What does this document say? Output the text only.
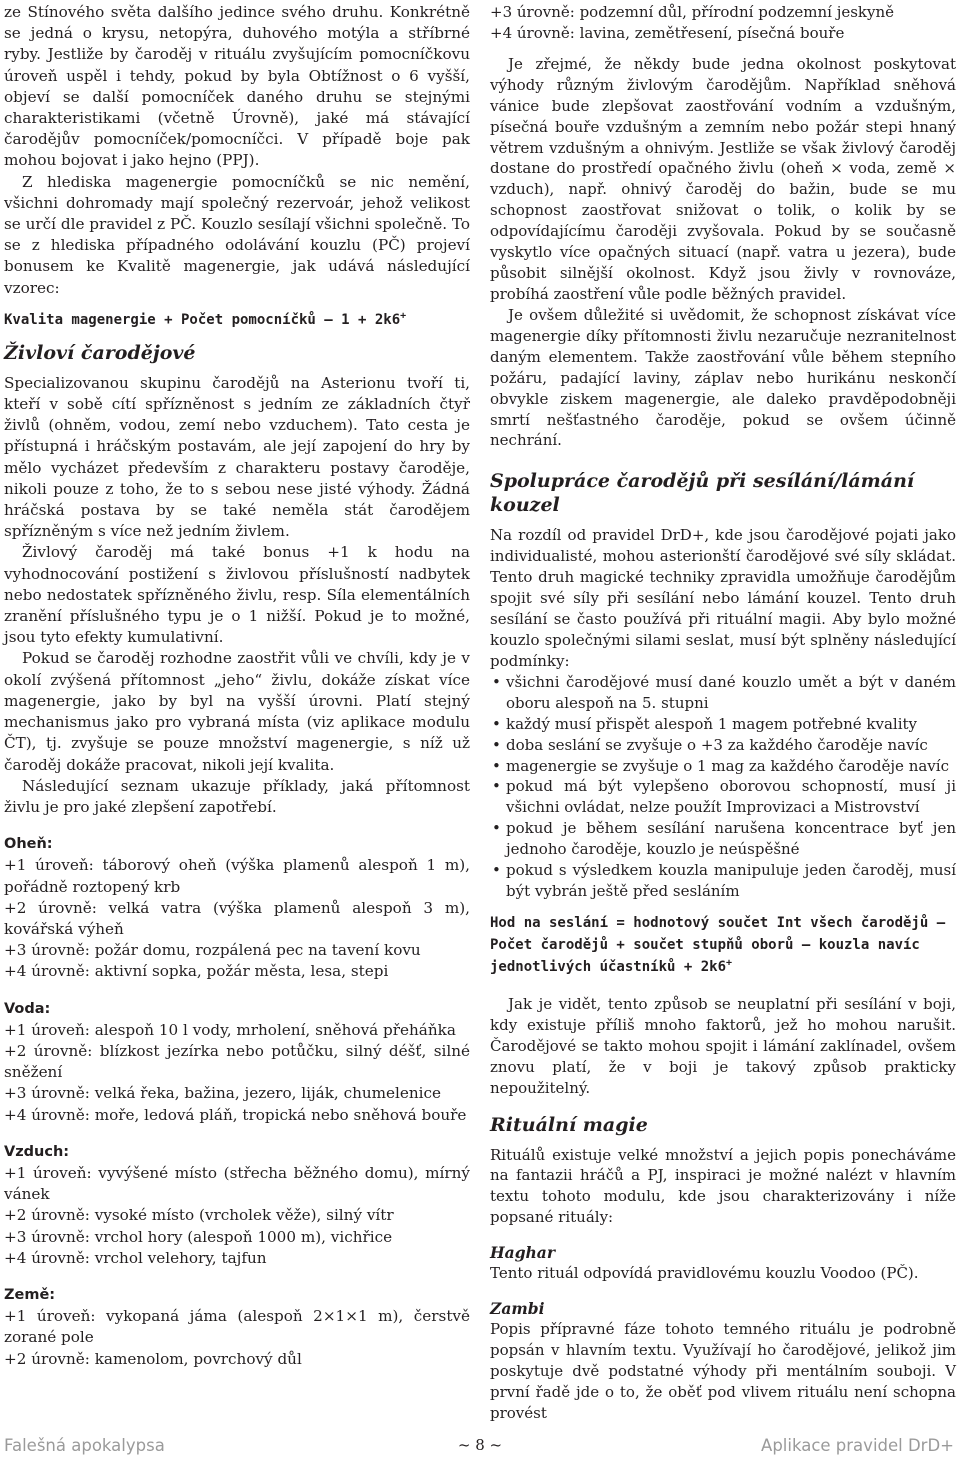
ze Stínového světa dalšího jedince svého druhu. Konkrétně se jedná o krysu, netopýra, duhového motýla a stříbrné ryby. Jestliže by čaroděj v rituálu zvyšujícím pomocníčkovu úroveň uspěl i tehdy, pokud by byla Obtížnost o 6 vyšší, objeví se další pomocníček daného druhu se stejnými charakteristikami (včetně Úrovně), jaké má stávající čarodějův pomocníček/pomocníčci. V případě boje pak mohou bojovat i jako hejno (PPJ).
Z hlediska magenergie pomocníčků se nic nemění, všichni dohromady mají společný rezervoár, jehož velikost se určí dle pravidel z PČ. Kouzlo sesílají všichni společně. To se z hlediska případného odolávání kouzlu (PČ) projeví bonusem ke Kvalitě magenergie, jak udává následující vzorec:
Kvalita magenergie + Počet pomocníčků – 1 + 2k6+
Živloví čarodějové
Specializovanou skupinu čarodějů na Asterionu tvoří ti, kteří v sobě cítí spřízněnost s jedním ze základních čtyř živlů (ohněm, vodou, zemí nebo vzduchem). Tato cesta je přístupná i hráčským postavám, ale její zapojení do hry by mělo vycházet především z charakteru postavy čaroděje, nikoli pouze z toho, že to s sebou nese jisté výhody. Žádná hráčská postava by se také neměla stát čarodějem spřízněným s více než jedním živlem.
Živlový čaroděj má také bonus +1 k hodu na vyhodnocování postižení s živlovou příslušností nadbytek nebo nedostatek spřízněného živlu, resp. Síla elementálních zranění příslušného typu je o 1 nižší. Pokud je to možné, jsou tyto efekty kumulativní.
Pokud se čaroděj rozhodne zaostřit vůli ve chvíli, kdy je v okolí zvýšená přítomnost „jeho“ živlu, dokáže získat více magenergie, jako by byl na vyšší úrovni. Platí stejný mechanismus jako pro vybraná místa (viz aplikace modulu ČT), tj. zvyšuje se pouze množství magenergie, s níž už čaroděj dokáže pracovat, nikoli její kvalita.
Následující seznam ukazuje příklady, jaká přítomnost živlu je pro jaké zlepšení zapotřebí.
Oheň:
+1 úroveň: táborový oheň (výška plamenů alespoň 1 m), pořádně roztopený krb
+2 úrovně: velká vatra (výška plamenů alespoň 3 m), kovářská výheň
+3 úrovně: požár domu, rozpálená pec na tavení kovu
+4 úrovně: aktivní sopka, požár města, lesa, stepi
Voda:
+1 úroveň: alespoň 10 l vody, mrholení, sněhová přeháňka
+2 úrovně: blízkost jezírka nebo potůčku, silný déšť, silné sněžení
+3 úrovně: velká řeka, bažina, jezero, liják, chumelenice
+4 úrovně: moře, ledová pláň, tropická nebo sněhová bouře
Vzduch:
+1 úroveň: vyvýšené místo (střecha běžného domu), mírný vánek
+2 úrovně: vysoké místo (vrcholek věže), silný vítr
+3 úrovně: vrchol hory (alespoň 1000 m), vichřice
+4 úrovně: vrchol velehory, tajfun
Země:
+1 úroveň: vykopaná jáma (alespoň 2×1×1 m), čerstvě zorané pole
+2 úrovně: kamenolom, povrchový důl
+3 úrovně: podzemní důl, přírodní podzemní jeskyně
+4 úrovně: lavina, zemětřesení, písečná bouře
Je zřejmé, že někdy bude jedna okolnost poskytovat výhody různým živlovým čarodějům. Například sněhová vánice bude zlepšovat zaostřování vodním a vzdušným, písečná bouře vzdušným a zemním nebo požár stepi hnaný větrem vzdušným a ohnivým. Jestliže se však živlový čaroděj dostane do prostředí opačného živlu (oheň × voda, země × vzduch), např. ohnivý čaroděj do bažin, bude se mu schopnost zaostřovat snižovat o tolik, o kolik by se odpovídajícímu čaroději zvyšovala. Pokud by se současně vyskytlo více opačných situací (např. vatra u jezera), bude působit silnější okolnost. Když jsou živly v rovnováze, probíhá zaostření vůle podle běžných pravidel.
Je ovšem důležité si uvědomit, že schopnost získávat více magenergie díky přítomnosti živlu nezaručuje nezranitelnost daným elementem. Takže zaostřování vůle během stepního požáru, padající laviny, záplav nebo hurikánu neskončí obvykle ziskem magenergie, ale daleko pravděpodobněji smrtí nešťastného čaroděje, pokud se ovšem účinně nechrání.
Spolupráce čarodějů při sesílání/lámání kouzel
Na rozdíl od pravidel DrD+, kde jsou čarodějové pojati jako individualisté, mohou asterionští čarodějové své síly skládat. Tento druh magické techniky zpravidla umožňuje čarodějům spojit své síly při sesílání nebo lámání kouzel. Tento druh sesílání se často používá při rituální magii. Aby bylo možné kouzlo společnými silami seslat, musí být splněny následující podmínky:
• všichni čarodějové musí dané kouzlo umět a být v daném oboru alespoň na 5. stupni
• každý musí přispět alespoň 1 magem potřebné kvality
• doba seslání se zvyšuje o +3 za každého čaroděje navíc
• magenergie se zvyšuje o 1 mag za každého čaroděje navíc
• pokud má být vylepšeno oborovou schopností, musí ji všichni ovládat, nelze použít Improvizaci a Mistrovství
• pokud je během sesílání narušena koncentrace byť jen jednoho čaroděje, kouzlo je neúspěšné
• pokud s výsledkem kouzla manipuluje jeden čaroděj, musí být vybrán ještě před sesláním
Hod na seslání = hodnotový součet Int všech čarodějů – Počet čarodějů + součet stupňů oborů – kouzla navíc jednotlivých účastníků + 2k6+
Jak je vidět, tento způsob se neuplatní při sesílání v boji, kdy existuje příliš mnoho faktorů, jež ho mohou narušit. Čarodějové se takto mohou spojit i lámání zaklínadel, ovšem znovu platí, že v boji je takový způsob prakticky nepoužitelný.
Rituální magie
Rituálů existuje velké množství a jejich popis ponecháváme na fantazii hráčů a PJ, inspiraci je možné nalézt v hlavním textu tohoto modulu, kde jsou charakterizovány i níže popsané rituály:
Haghar
Tento rituál odpovídá pravidlovému kouzlu Voodoo (PČ).
Zambi
Popis přípravné fáze tohoto temného rituálu je podrobně popsán v hlavním textu. Využívají ho čarodějové, jelikož jim poskytuje dvě podstatné výhody při mentálním souboji. V první řadě jde o to, že oběť pod vlivem rituálu není schopna provést
Falešná apokalypsa	~ 8 ~	Aplikace pravidel DrD+
